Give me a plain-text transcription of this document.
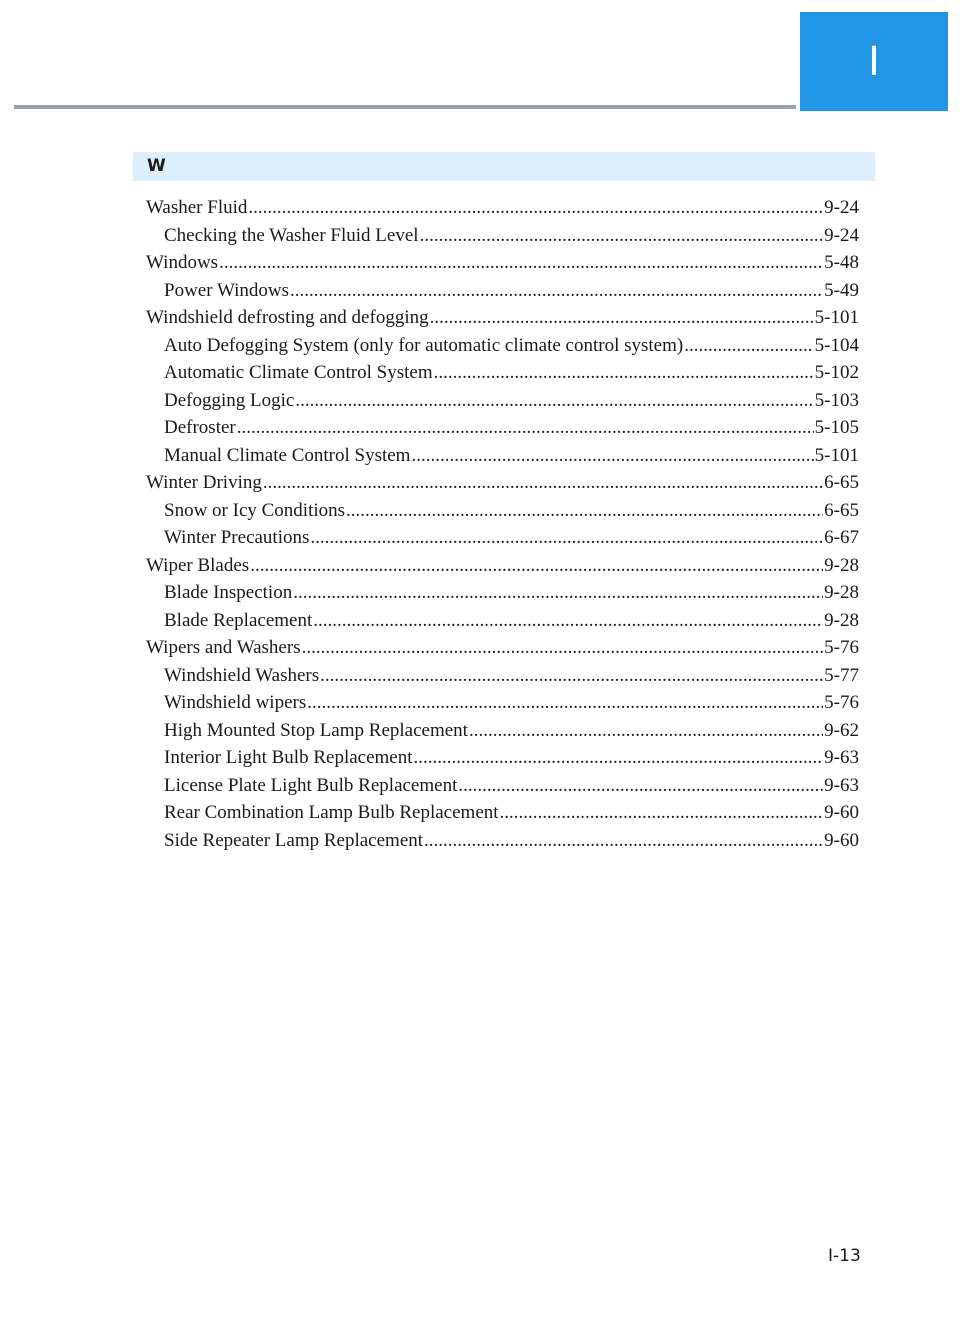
I
W
Washer Fluid .....	9-24
Checking the Washer Fluid Level .....	9-24
Windows .....	5-48
Power Windows .....	5-49
Windshield defrosting and defogging .....	5-101
Auto Defogging System (only for automatic climate control system) .....	5-104
Automatic Climate Control System .....	5-102
Defogging Logic .....	5-103
Defroster .....	5-105
Manual Climate Control System .....	5-101
Winter Driving .....	6-65
Snow or Icy Conditions .....	6-65
Winter Precautions .....	6-67
Wiper Blades .....	9-28
Blade Inspection .....	9-28
Blade Replacement .....	9-28
Wipers and Washers .....	5-76
Windshield Washers .....	5-77
Windshield wipers .....	5-76
High Mounted Stop Lamp Replacement .....	9-62
Interior Light Bulb Replacement .....	9-63
License Plate Light Bulb Replacement .....	9-63
Rear Combination Lamp Bulb Replacement .....	9-60
Side Repeater Lamp Replacement .....	9-60
I-13
